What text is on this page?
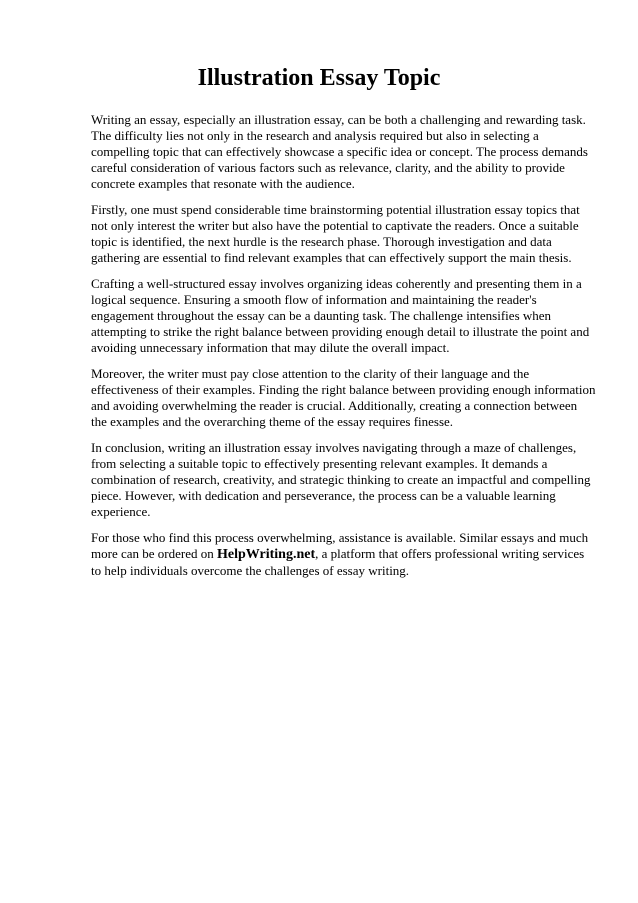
Illustration Essay Topic

Writing an essay, especially an illustration essay, can be both a challenging and rewarding task. The difficulty lies not only in the research and analysis required but also in selecting a compelling topic that can effectively showcase a specific idea or concept. The process demands careful consideration of various factors such as relevance, clarity, and the ability to provide concrete examples that resonate with the audience.

Firstly, one must spend considerable time brainstorming potential illustration essay topics that not only interest the writer but also have the potential to captivate the readers. Once a suitable topic is identified, the next hurdle is the research phase. Thorough investigation and data gathering are essential to find relevant examples that can effectively support the main thesis.

Crafting a well-structured essay involves organizing ideas coherently and presenting them in a logical sequence. Ensuring a smooth flow of information and maintaining the reader's engagement throughout the essay can be a daunting task. The challenge intensifies when attempting to strike the right balance between providing enough detail to illustrate the point and avoiding unnecessary information that may dilute the overall impact.

Moreover, the writer must pay close attention to the clarity of their language and the effectiveness of their examples. Finding the right balance between providing enough information and avoiding overwhelming the reader is crucial. Additionally, creating a connection between the examples and the overarching theme of the essay requires finesse.

In conclusion, writing an illustration essay involves navigating through a maze of challenges, from selecting a suitable topic to effectively presenting relevant examples. It demands a combination of research, creativity, and strategic thinking to create an impactful and compelling piece. However, with dedication and perseverance, the process can be a valuable learning experience.

For those who find this process overwhelming, assistance is available. Similar essays and much more can be ordered on HelpWriting.net, a platform that offers professional writing services to help individuals overcome the challenges of essay writing.
